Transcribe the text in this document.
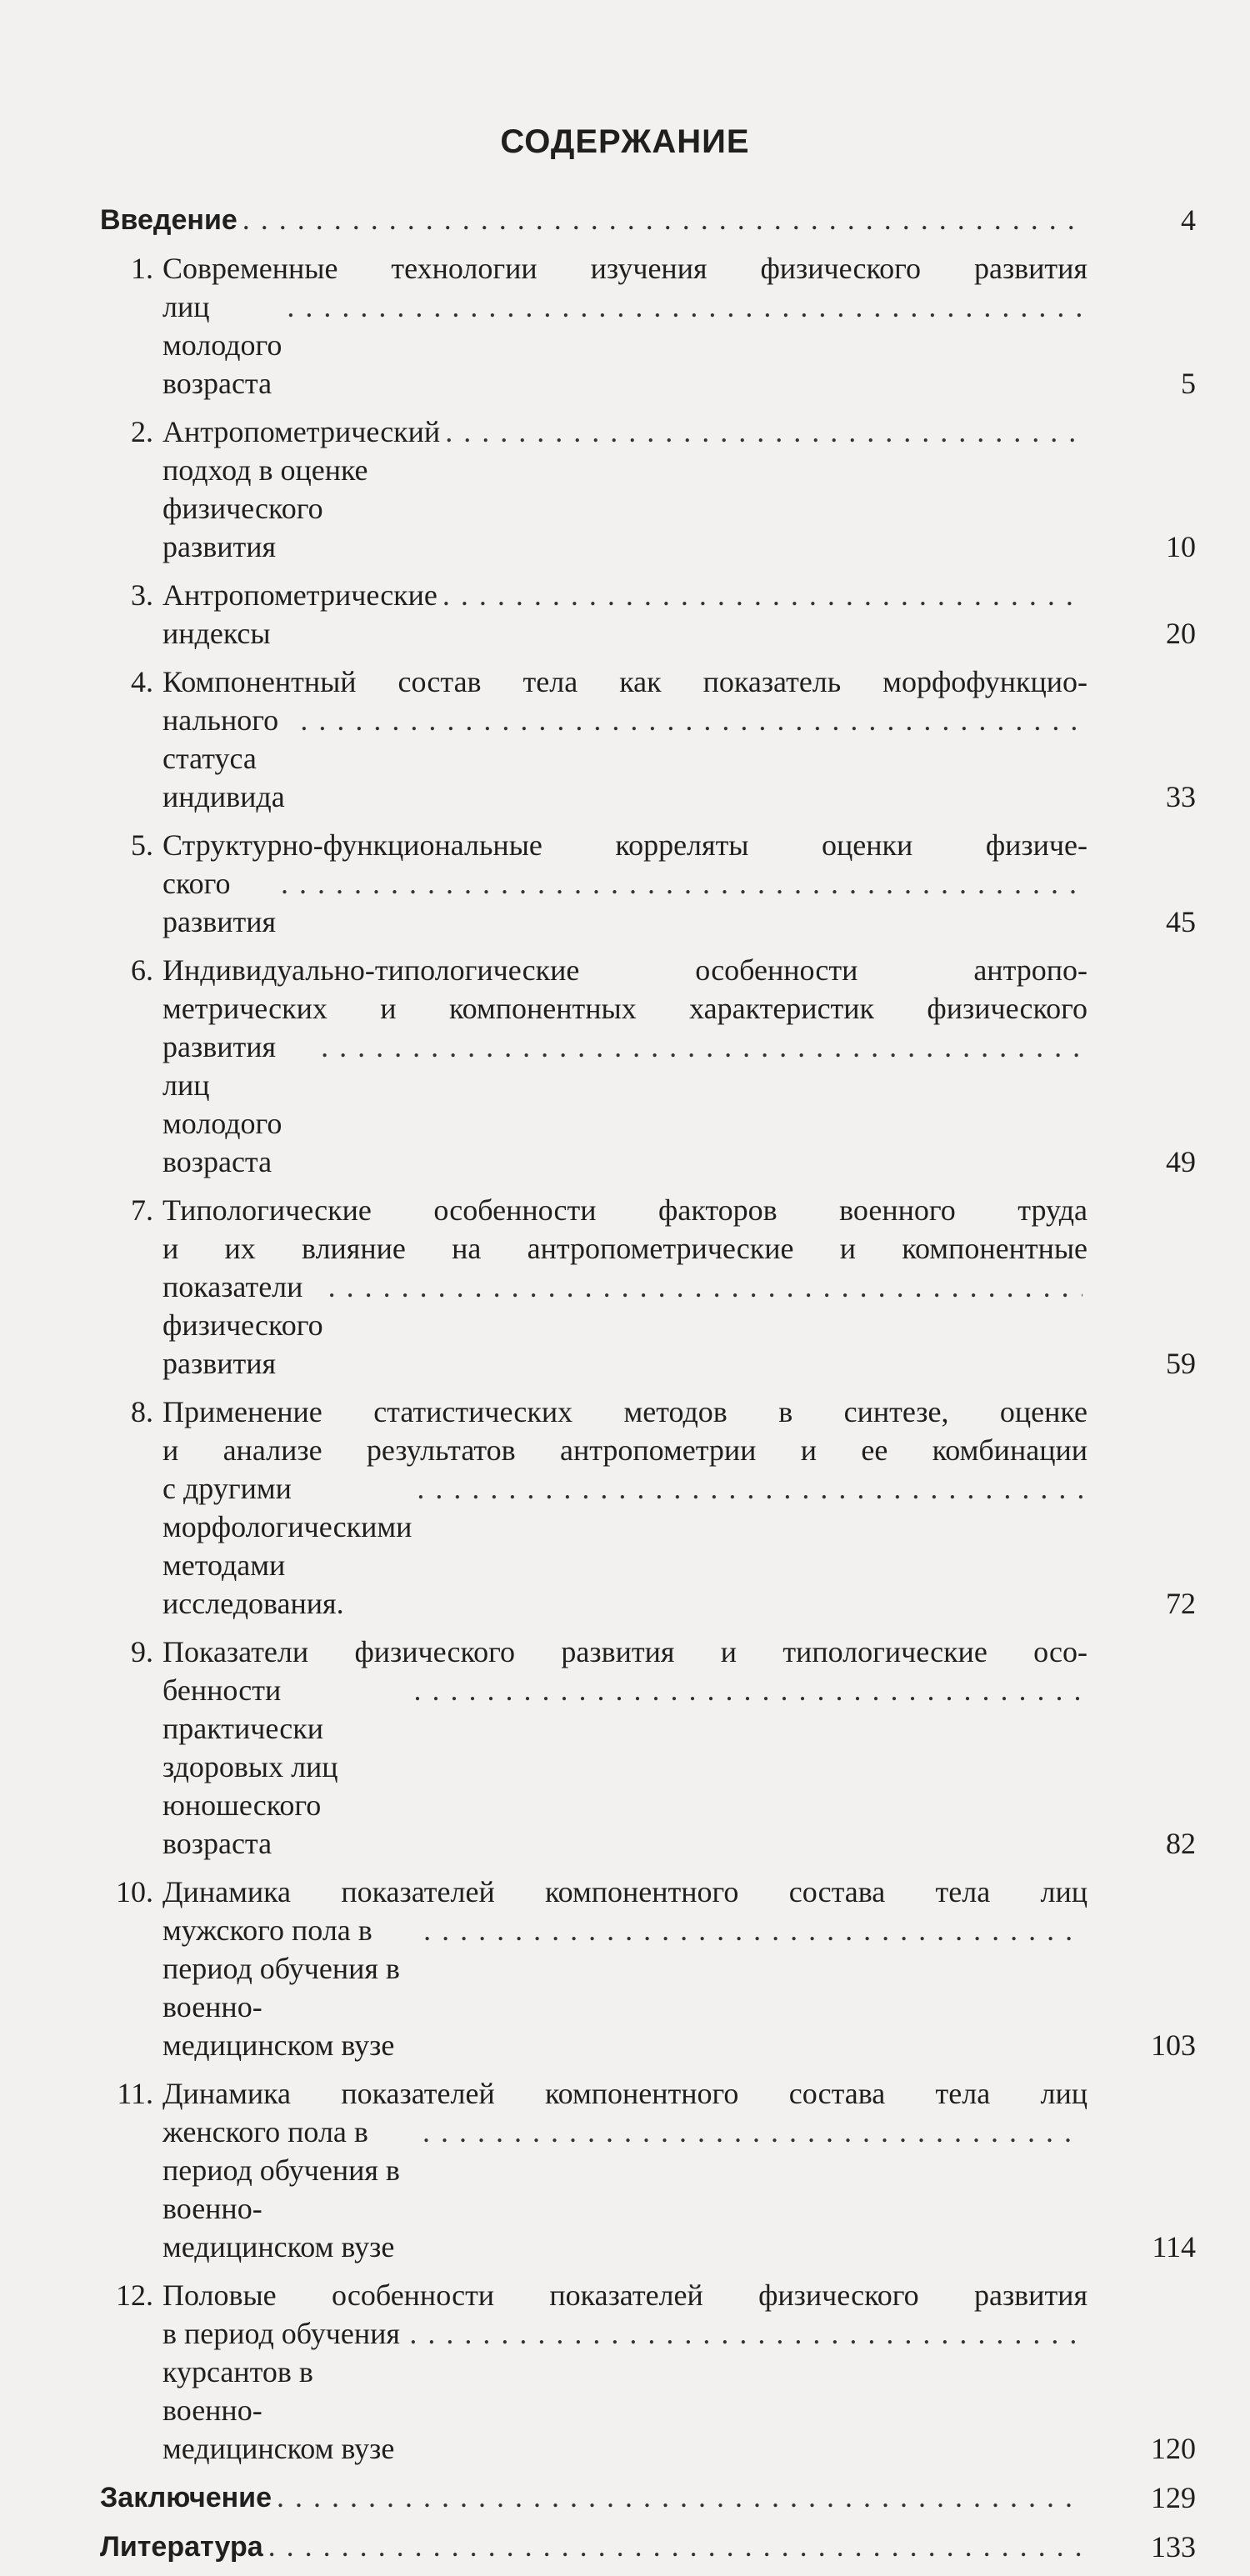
СОДЕРЖАНИЕ
Введение . . .	4
1. Современные технологии изучения физического развития
лиц молодого возраста
. . .	5
2. Антропометрический подход в оценке физического развития
. . .	10
3. Антропометрические индексы
. . .	20
4. Компонентный состав тела как показатель морфофункцио-
нального статуса индивида
. . .	33
5. Структурно-функциональные корреляты оценки физиче-
ского развития
. . .	45
6. Индивидуально-типологические особенности антропо-
метрических и компонентных характеристик физического
развития лиц молодого возраста
. . .	49
7. Типологические особенности факторов военного труда
и их влияние на антропометрические и компонентные
показатели физического развития
. . .	59
8. Применение статистических методов в синтезе, оценке
и анализе результатов антропометрии и ее комбинации
с другими морфологическими методами исследования.
. . .	72
9. Показатели физического развития и типологические осо-
бенности практически здоровых лиц юношеского возраста
. . .	82
10. Динамика показателей компонентного состава тела лиц
мужского пола в период обучения в военно-медицинском вузе
. . .	103
11. Динамика показателей компонентного состава тела лиц
женского пола в период обучения в военно-медицинском вузе
. . .	114
12. Половые особенности показателей физического развития
в период обучения курсантов в военно-медицинском вузе
. . .	120
Заключение . . .	129
Литература . . .	133
